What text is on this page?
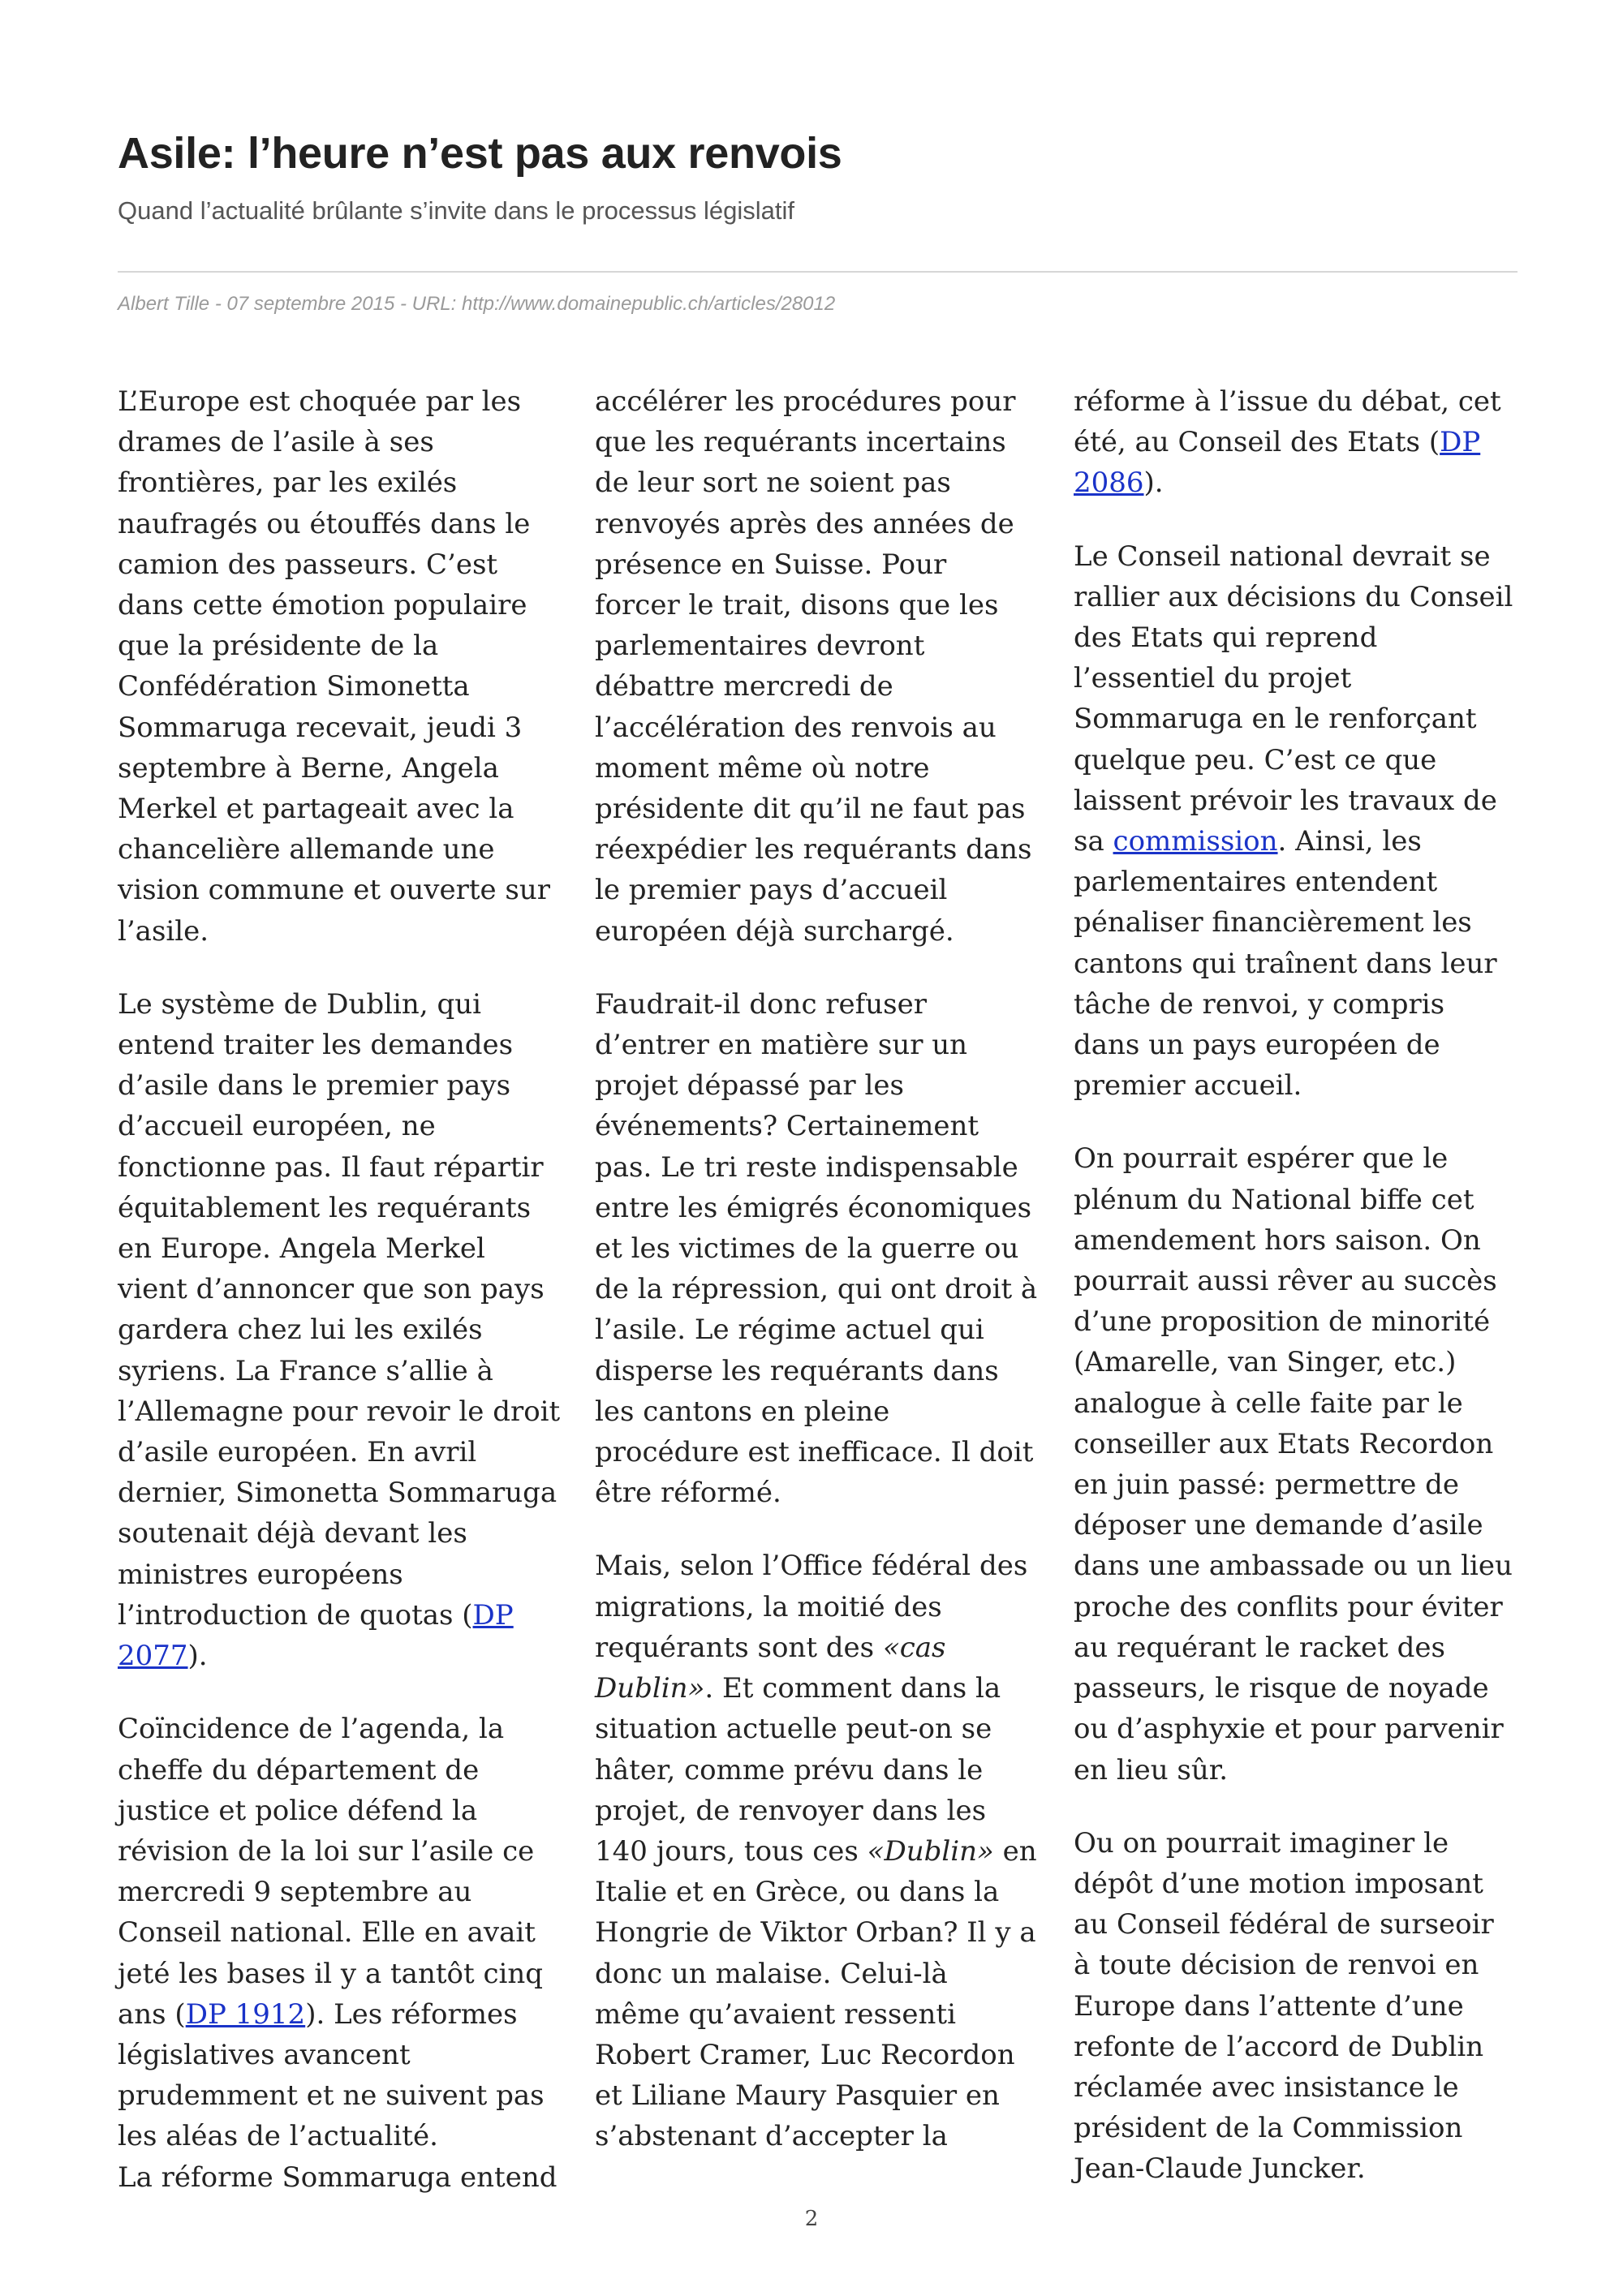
Asile: l’heure n’est pas aux renvois

Quand l’actualité brûlante s’invite dans le processus législatif

Albert Tille - 07 septembre 2015 - URL: http://www.domainepublic.ch/articles/28012

L’Europe est choquée par les drames de l’asile à ses frontières, par les exilés naufragés ou étouffés dans le camion des passeurs. C’est dans cette émotion populaire que la présidente de la Confédération Simonetta Sommaruga recevait, jeudi 3 septembre à Berne, Angela Merkel et partageait avec la chancelière allemande une vision commune et ouverte sur l’asile.

Le système de Dublin, qui entend traiter les demandes d’asile dans le premier pays d’accueil européen, ne fonctionne pas. Il faut répartir équitablement les requérants en Europe. Angela Merkel vient d’annoncer que son pays gardera chez lui les exilés syriens. La France s’allie à l’Allemagne pour revoir le droit d’asile européen. En avril dernier, Simonetta Sommaruga soutenait déjà devant les ministres européens l’introduction de quotas (DP 2077).

Coïncidence de l’agenda, la cheffe du département de justice et police défend la révision de la loi sur l’asile ce mercredi 9 septembre au Conseil national. Elle en avait jeté les bases il y a tantôt cinq ans (DP 1912). Les réformes législatives avancent prudemment et ne suivent pas les aléas de l’actualité.

La réforme Sommaruga entend

accélérer les procédures pour que les requérants incertains de leur sort ne soient pas renvoyés après des années de présence en Suisse. Pour forcer le trait, disons que les parlementaires devront débattre mercredi de l’accélération des renvois au moment même où notre présidente dit qu’il ne faut pas réexpédier les requérants dans le premier pays d’accueil européen déjà surchargé.

Faudrait-il donc refuser d’entrer en matière sur un projet dépassé par les événements? Certainement pas. Le tri reste indispensable entre les émigrés économiques et les victimes de la guerre ou de la répression, qui ont droit à l’asile. Le régime actuel qui disperse les requérants dans les cantons en pleine procédure est inefficace. Il doit être réformé.

Mais, selon l’Office fédéral des migrations, la moitié des requérants sont des «cas Dublin». Et comment dans la situation actuelle peut-on se hâter, comme prévu dans le projet, de renvoyer dans les 140 jours, tous ces «Dublin» en Italie et en Grèce, ou dans la Hongrie de Viktor Orban? Il y a donc un malaise. Celui-là même qu’avaient ressenti Robert Cramer, Luc Recordon et Liliane Maury Pasquier en s’abstenant d’accepter la

réforme à l’issue du débat, cet été, au Conseil des Etats (DP 2086).

Le Conseil national devrait se rallier aux décisions du Conseil des Etats qui reprend l’essentiel du projet Sommaruga en le renforçant quelque peu. C’est ce que laissent prévoir les travaux de sa commission. Ainsi, les parlementaires entendent pénaliser financièrement les cantons qui traînent dans leur tâche de renvoi, y compris dans un pays européen de premier accueil.

On pourrait espérer que le plénum du National biffe cet amendement hors saison. On pourrait aussi rêver au succès d’une proposition de minorité (Amarelle, van Singer, etc.) analogue à celle faite par le conseiller aux Etats Recordon en juin passé: permettre de déposer une demande d’asile dans une ambassade ou un lieu proche des conflits pour éviter au requérant le racket des passeurs, le risque de noyade ou d’asphyxie et pour parvenir en lieu sûr.

Ou on pourrait imaginer le dépôt d’une motion imposant au Conseil fédéral de surseoir à toute décision de renvoi en Europe dans l’attente d’une refonte de l’accord de Dublin réclamée avec insistance le président de la Commission Jean-Claude Juncker.

2
